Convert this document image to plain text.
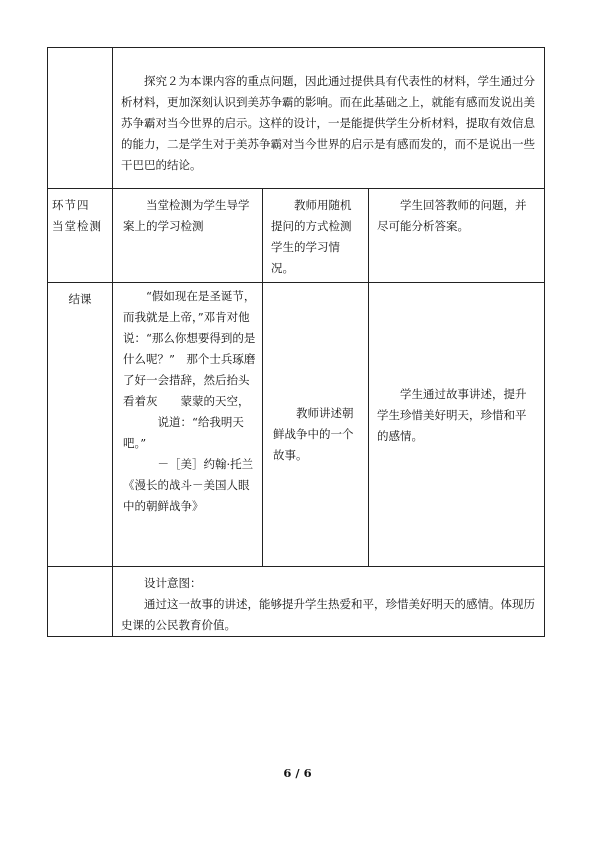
	　　探究２为本课内容的重点问题，因此通过提供具有代表性的材料，学生通过分析材料，更加深刻认识到美苏争霸的影响。而在此基础之上，就能有感而发说出美苏争霸对当今世界的启示。这样的设计，一是能提供学生分析材料，提取有效信息的能力，二是学生对于美苏争霸对当今世界的启示是有感而发的，而不是说出一些干巴巴的结论。		

环节四
当堂检测	　　当堂检测为学生导学案上的学习检测	　　教师用随机提问的方式检测学生的学习情况。	　　学生回答教师的问题，并尽可能分析答案。

结课	　　“假如现在是圣诞节，而我就是上帝，”邓肯对他说：“那么你想要得到的是什么呢？”　那个士兵琢磨了好一会措辞，然后抬头看着灰　　蒙蒙的天空，
　　　说道：“给我明天吧。”
　　　－［美］约翰·托兰
《漫长的战斗－美国人眼中的朝鲜战争》	　　教师讲述朝鲜战争中的一个故事。	　　学生通过故事讲述，提升学生珍惜美好明天，珍惜和平的感情。

	　　设计意图：
　　通过这一故事的讲述，能够提升学生热爱和平，珍惜美好明天的感情。体现历史课的公民教育价值。		
6 / 6
